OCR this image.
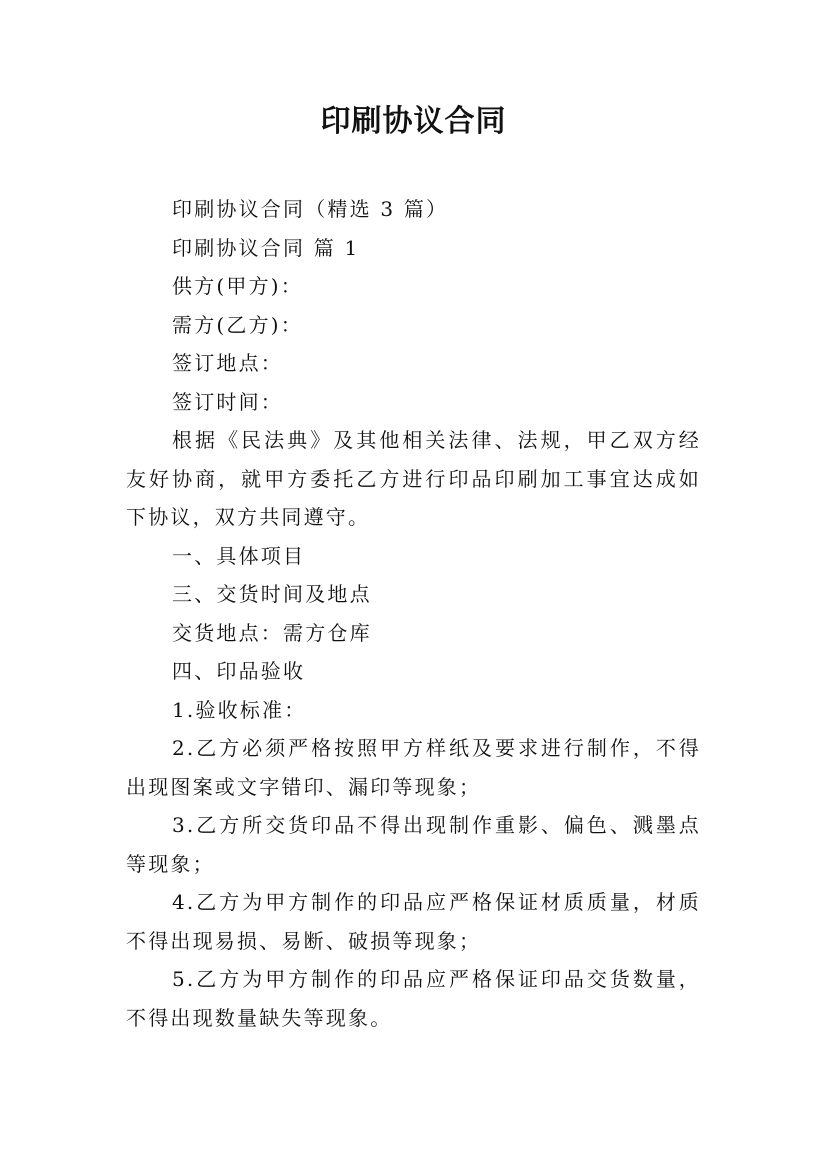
印刷协议合同

印刷协议合同（精选 3 篇）

印刷协议合同 篇 1

供方(甲方)：

需方(乙方)：

签订地点：

签订时间：

根据《民法典》及其他相关法律、法规，甲乙双方经友好协商，就甲方委托乙方进行印品印刷加工事宜达成如下协议，双方共同遵守。

一、具体项目

三、交货时间及地点

交货地点：需方仓库

四、印品验收

1.验收标准：

2.乙方必须严格按照甲方样纸及要求进行制作，不得出现图案或文字错印、漏印等现象；

3.乙方所交货印品不得出现制作重影、偏色、溅墨点等现象；

4.乙方为甲方制作的印品应严格保证材质质量，材质不得出现易损、易断、破损等现象；

5.乙方为甲方制作的印品应严格保证印品交货数量，不得出现数量缺失等现象。
